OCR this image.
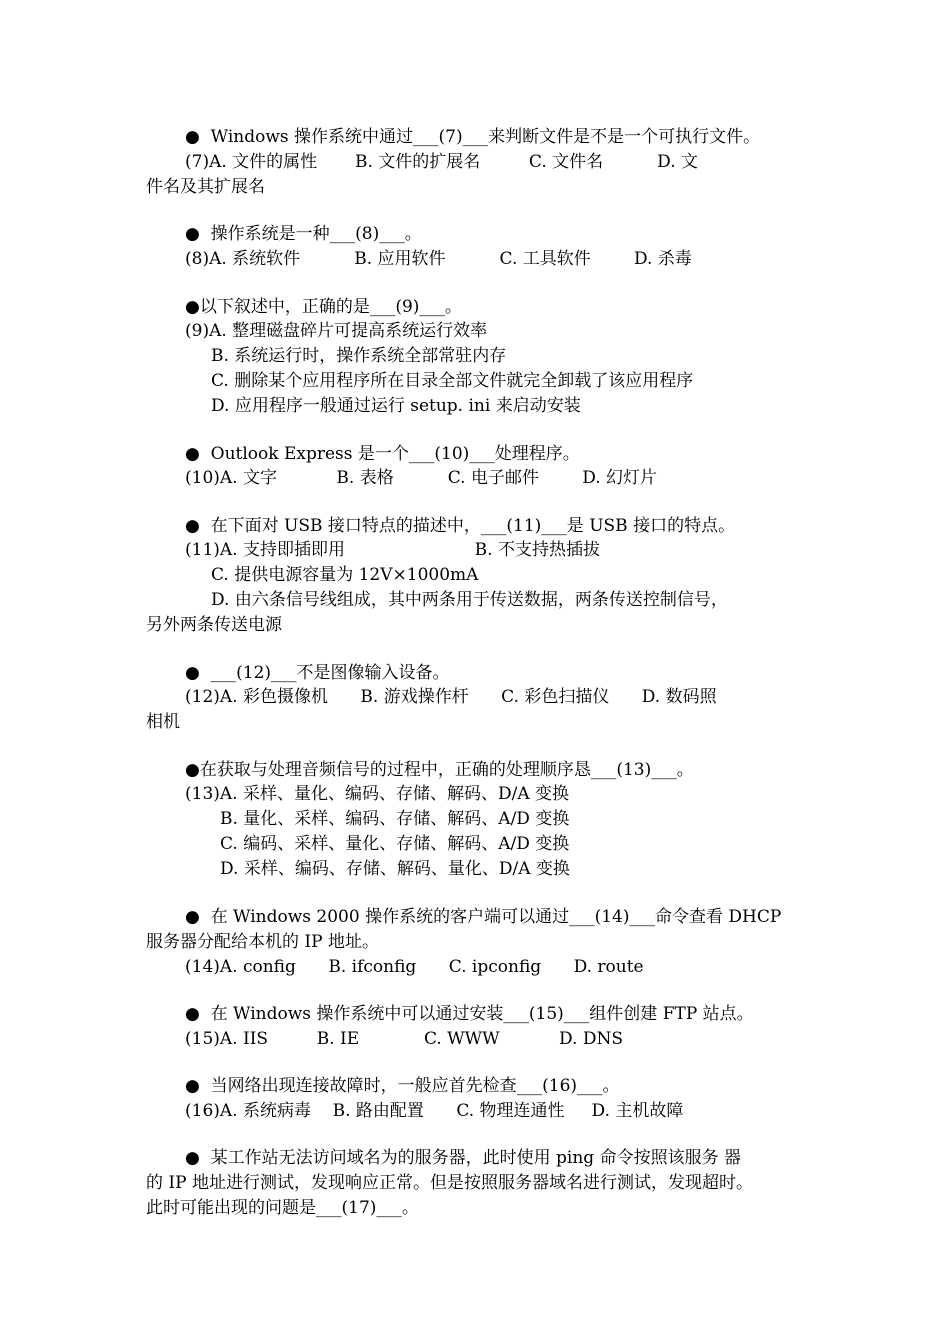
●  Windows 操作系统中通过___(7)___来判断文件是不是一个可执行文件。

(7)A. 文件的属性       B. 文件的扩展名         C. 文件名          D. 文

件名及其扩展名

●  操作系统是一种___(8)___。

(8)A. 系统软件          B. 应用软件          C. 工具软件        D. 杀毒

●以下叙述中，正确的是___(9)___。

(9)A. 整理磁盘碎片可提高系统运行效率

B. 系统运行时，操作系统全部常驻内存

C. 删除某个应用程序所在目录全部文件就完全卸载了该应用程序

D. 应用程序一般通过运行 setup. ini 来启动安装

●  Outlook Express 是一个___(10)___处理程序。

(10)A. 文字           B. 表格          C. 电子邮件        D. 幻灯片

●  在下面对 USB 接口特点的描述中，___(11)___是 USB 接口的特点。

(11)A. 支持即插即用                        B. 不支持热插拔

C. 提供电源容量为 12V×1000mA

D. 由六条信号线组成，其中两条用于传送数据，两条传送控制信号，

另外两条传送电源

●  ___(12)___不是图像输入设备。

(12)A. 彩色摄像机      B. 游戏操作杆      C. 彩色扫描仪      D. 数码照

相机

●在获取与处理音频信号的过程中，正确的处理顺序恳___(13)___。

(13)A. 采样、量化、编码、存储、解码、D/A 变换

B. 量化、采样、编码、存储、解码、A/D 变换

C. 编码、采样、量化、存储、解码、A/D 变换

D. 采样、编码、存储、解码、量化、D/A 变换

●  在 Windows 2000 操作系统的客户端可以通过___(14)___命令查看 DHCP

服务器分配给本机的 IP 地址。

(14)A. config      B. ifconfig      C. ipconfig      D. route

●  在 Windows 操作系统中可以通过安装___(15)___组件创建 FTP 站点。

(15)A. IIS         B. IE            C. WWW           D. DNS

●  当网络出现连接故障时，一般应首先检查___(16)___。

(16)A. 系统病毒    B. 路由配置      C. 物理连通性     D. 主机故障

●  某工作站无法访问域名为的服务器，此时使用 ping 命令按照该服务 器

的 IP 地址进行测试，发现响应正常。但是按照服务器域名进行测试，发现超时。

此时可能出现的问题是___(17)___。
